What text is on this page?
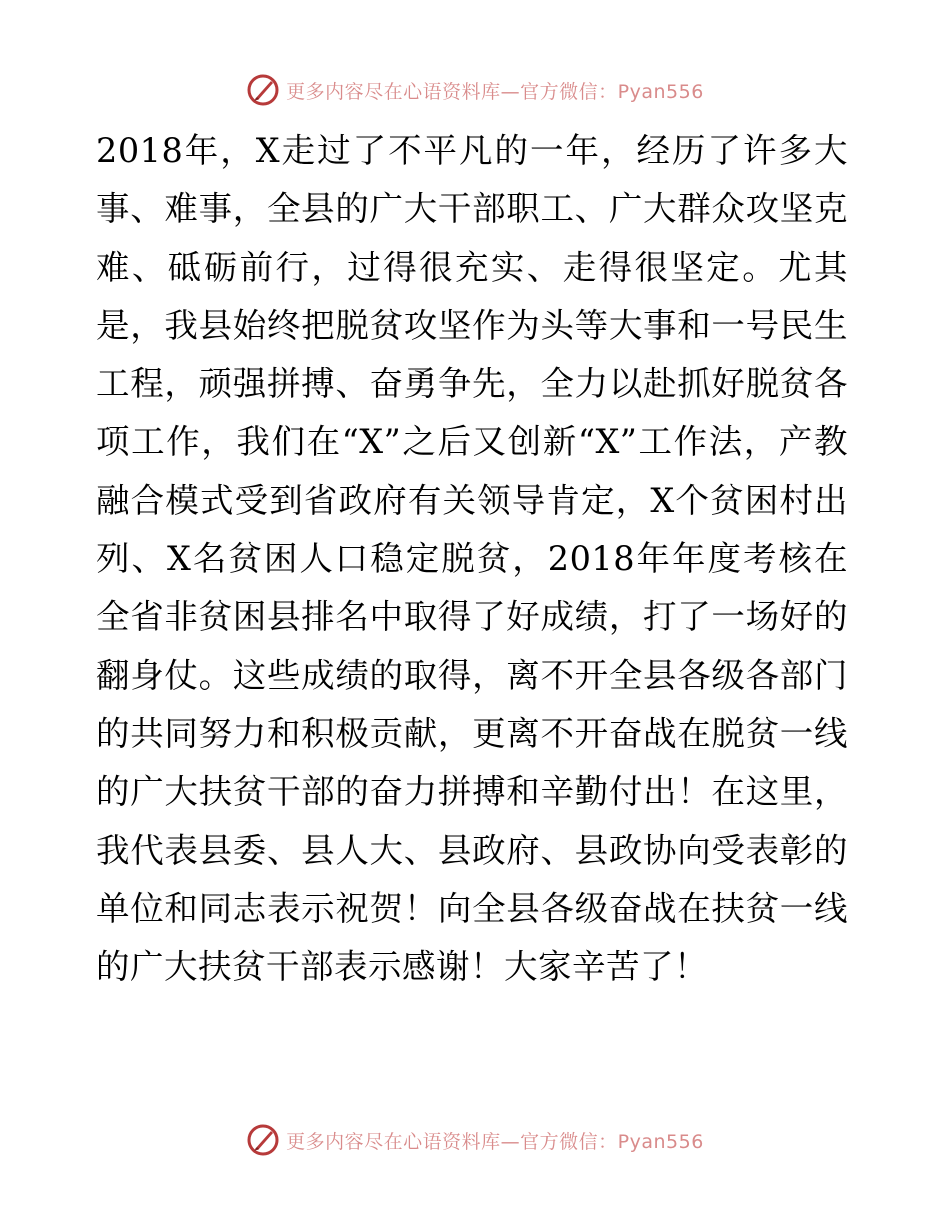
更多内容尽在心语资料库—官方微信：Pyan556

2018年，X走过了不平凡的一年，经历了许多大事、难事，全县的广大干部职工、广大群众攻坚克难、砥砺前行，过得很充实、走得很坚定。尤其是，我县始终把脱贫攻坚作为头等大事和一号民生工程，顽强拼搏、奋勇争先，全力以赴抓好脱贫各项工作，我们在“X”之后又创新“X”工作法，产教融合模式受到省政府有关领导肯定，X个贫困村出列、X名贫困人口稳定脱贫，2018年年度考核在全省非贫困县排名中取得了好成绩，打了一场好的翻身仗。这些成绩的取得，离不开全县各级各部门的共同努力和积极贡献，更离不开奋战在脱贫一线的广大扶贫干部的奋力拼搏和辛勤付出！在这里，我代表县委、县人大、县政府、县政协向受表彰的单位和同志表示祝贺！向全县各级奋战在扶贫一线的广大扶贫干部表示感谢！大家辛苦了！

更多内容尽在心语资料库—官方微信：Pyan556
